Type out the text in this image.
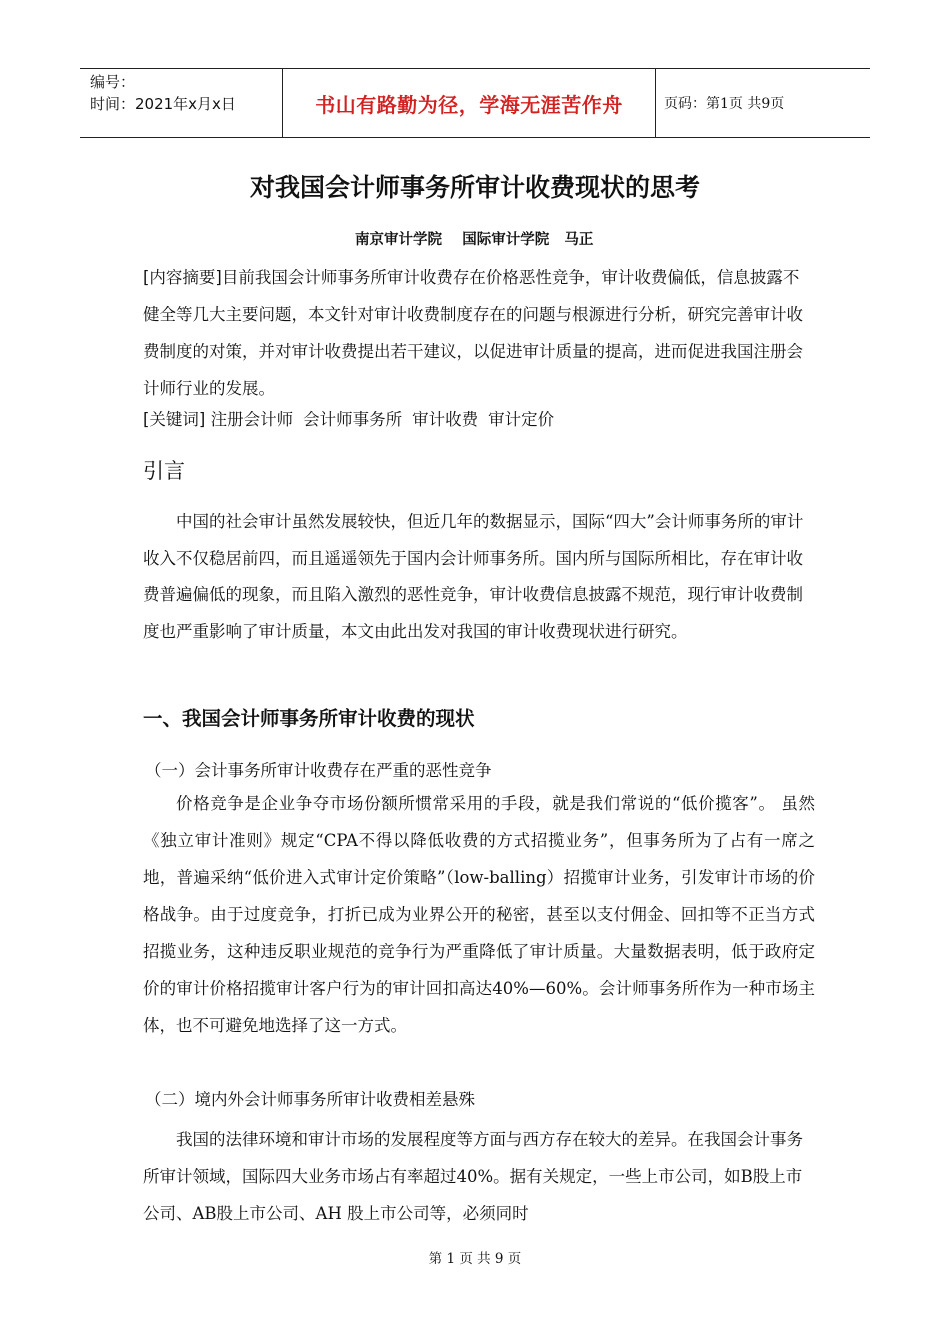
编号：
时间：2021年x月x日	书山有路勤为径，学海无涯苦作舟	页码：第1页 共9页
对我国会计师事务所审计收费现状的思考
南京审计学院    国际审计学院   马正
[内容摘要]目前我国会计师事务所审计收费存在价格恶性竞争，审计收费偏低，信息披露不健全等几大主要问题，本文针对审计收费制度存在的问题与根源进行分析，研究完善审计收费制度的对策，并对审计收费提出若干建议，以促进审计质量的提高，进而促进我国注册会计师行业的发展。
[关键词] 注册会计师 会计师事务所 审计收费 审计定价
引言
中国的社会审计虽然发展较快，但近几年的数据显示，国际“四大”会计师事务所的审计收入不仅稳居前四，而且遥遥领先于国内会计师事务所。国内所与国际所相比，存在审计收费普遍偏低的现象，而且陷入激烈的恶性竞争，审计收费信息披露不规范，现行审计收费制度也严重影响了审计质量，本文由此出发对我国的审计收费现状进行研究。
一、我国会计师事务所审计收费的现状
（一）会计事务所审计收费存在严重的恶性竞争
价格竞争是企业争夺市场份额所惯常采用的手段，就是我们常说的“低价揽客”。 虽然《独立审计准则》规定“CPA不得以降低收费的方式招揽业务”，但事务所为了占有一席之地，普遍采纳“低价进入式审计定价策略”（low-balling）招揽审计业务，引发审计市场的价格战争。由于过度竞争，打折已成为业界公开的秘密，甚至以支付佣金、回扣等不正当方式招揽业务，这种违反职业规范的竞争行为严重降低了审计质量。大量数据表明，低于政府定价的审计价格招揽审计客户行为的审计回扣高达40%—60%。会计师事务所作为一种市场主体，也不可避免地选择了这一方式。
（二）境内外会计师事务所审计收费相差悬殊
我国的法律环境和审计市场的发展程度等方面与西方存在较大的差异。在我国会计事务所审计领域，国际四大业务市场占有率超过40%。据有关规定，一些上市公司，如B股上市公司、AB股上市公司、AH 股上市公司等，必须同时
第 1 页 共 9 页
